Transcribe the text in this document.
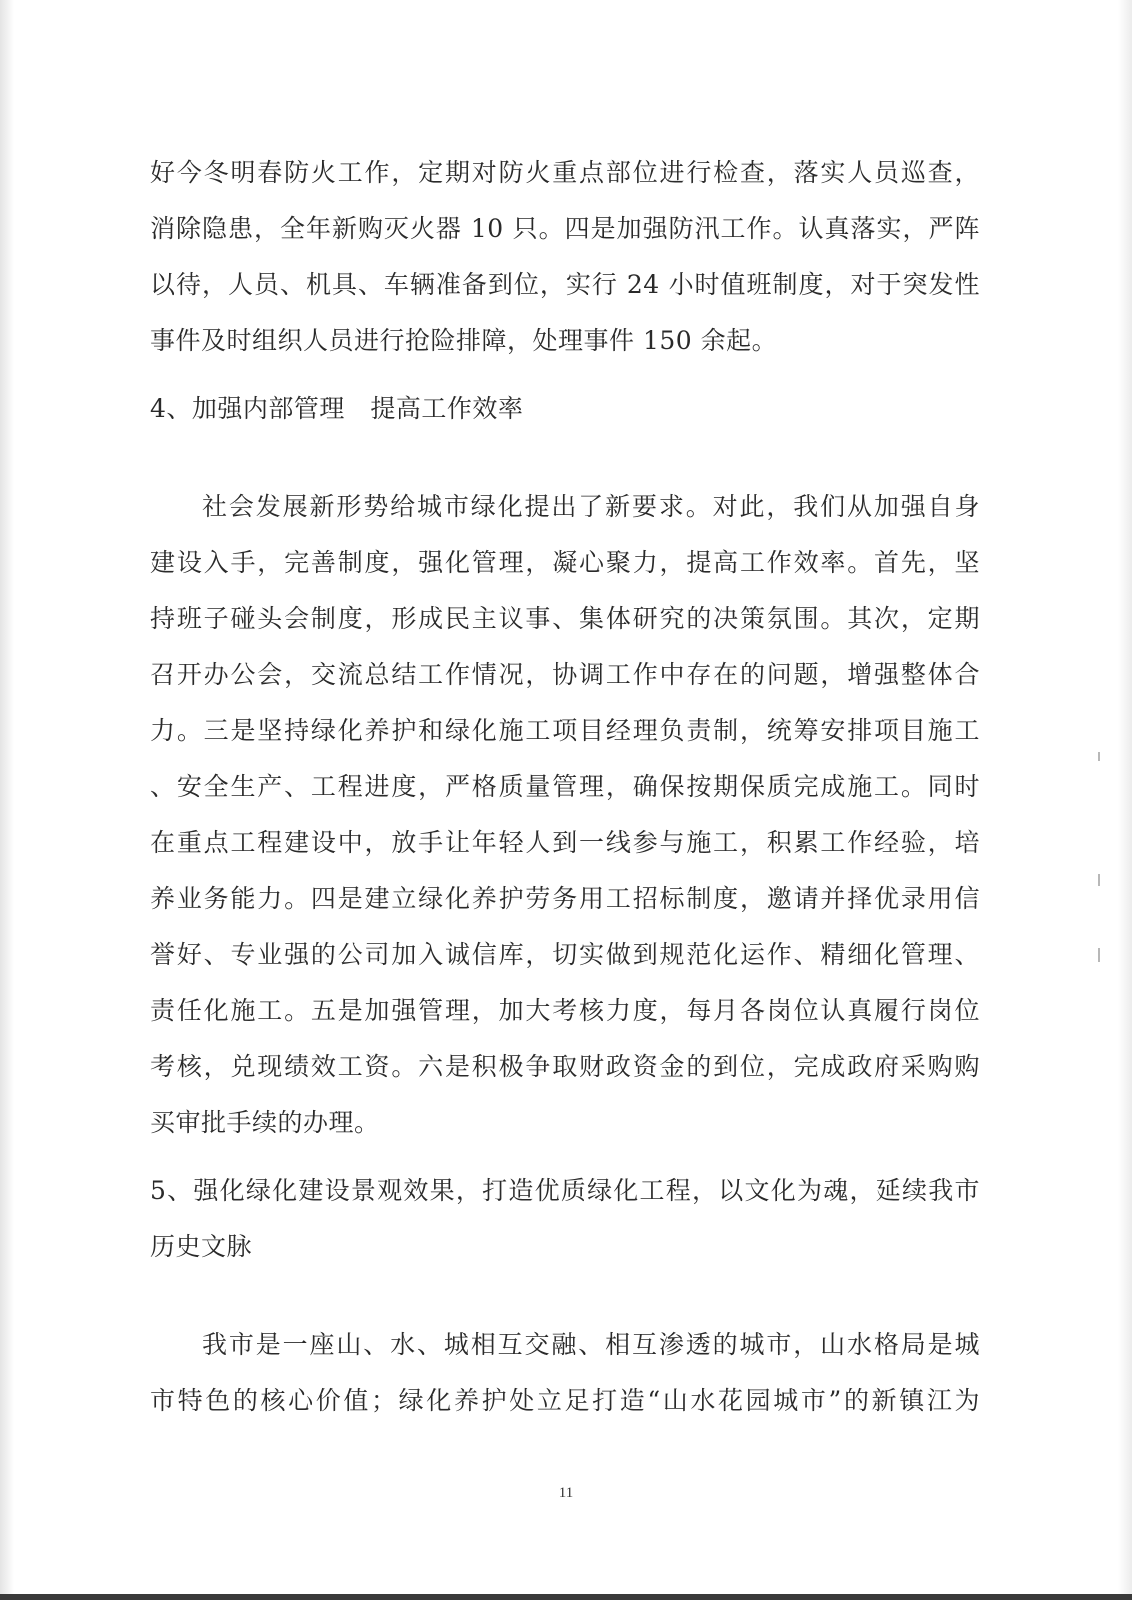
好今冬明春防火工作，定期对防火重点部位进行检查，落实人员巡查，
消除隐患，全年新购灭火器 10 只。四是加强防汛工作。认真落实，严阵
以待，人员、机具、车辆准备到位，实行 24 小时值班制度，对于突发性
事件及时组织人员进行抢险排障，处理事件 150 余起。
4、加强内部管理　提高工作效率
社会发展新形势给城市绿化提出了新要求。对此，我们从加强自身
建设入手，完善制度，强化管理，凝心聚力，提高工作效率。首先，坚
持班子碰头会制度，形成民主议事、集体研究的决策氛围。其次，定期
召开办公会，交流总结工作情况，协调工作中存在的问题，增强整体合
力。三是坚持绿化养护和绿化施工项目经理负责制，统筹安排项目施工
、安全生产、工程进度，严格质量管理，确保按期保质完成施工。同时
在重点工程建设中，放手让年轻人到一线参与施工，积累工作经验，培
养业务能力。四是建立绿化养护劳务用工招标制度，邀请并择优录用信
誉好、专业强的公司加入诚信库，切实做到规范化运作、精细化管理、
责任化施工。五是加强管理，加大考核力度，每月各岗位认真履行岗位
考核，兑现绩效工资。六是积极争取财政资金的到位，完成政府采购购
买审批手续的办理。
5、强化绿化建设景观效果，打造优质绿化工程，以文化为魂，延续我市
历史文脉
我市是一座山、水、城相互交融、相互渗透的城市，山水格局是城
市特色的核心价值；绿化养护处立足打造“山水花园城市”的新镇江为
11
